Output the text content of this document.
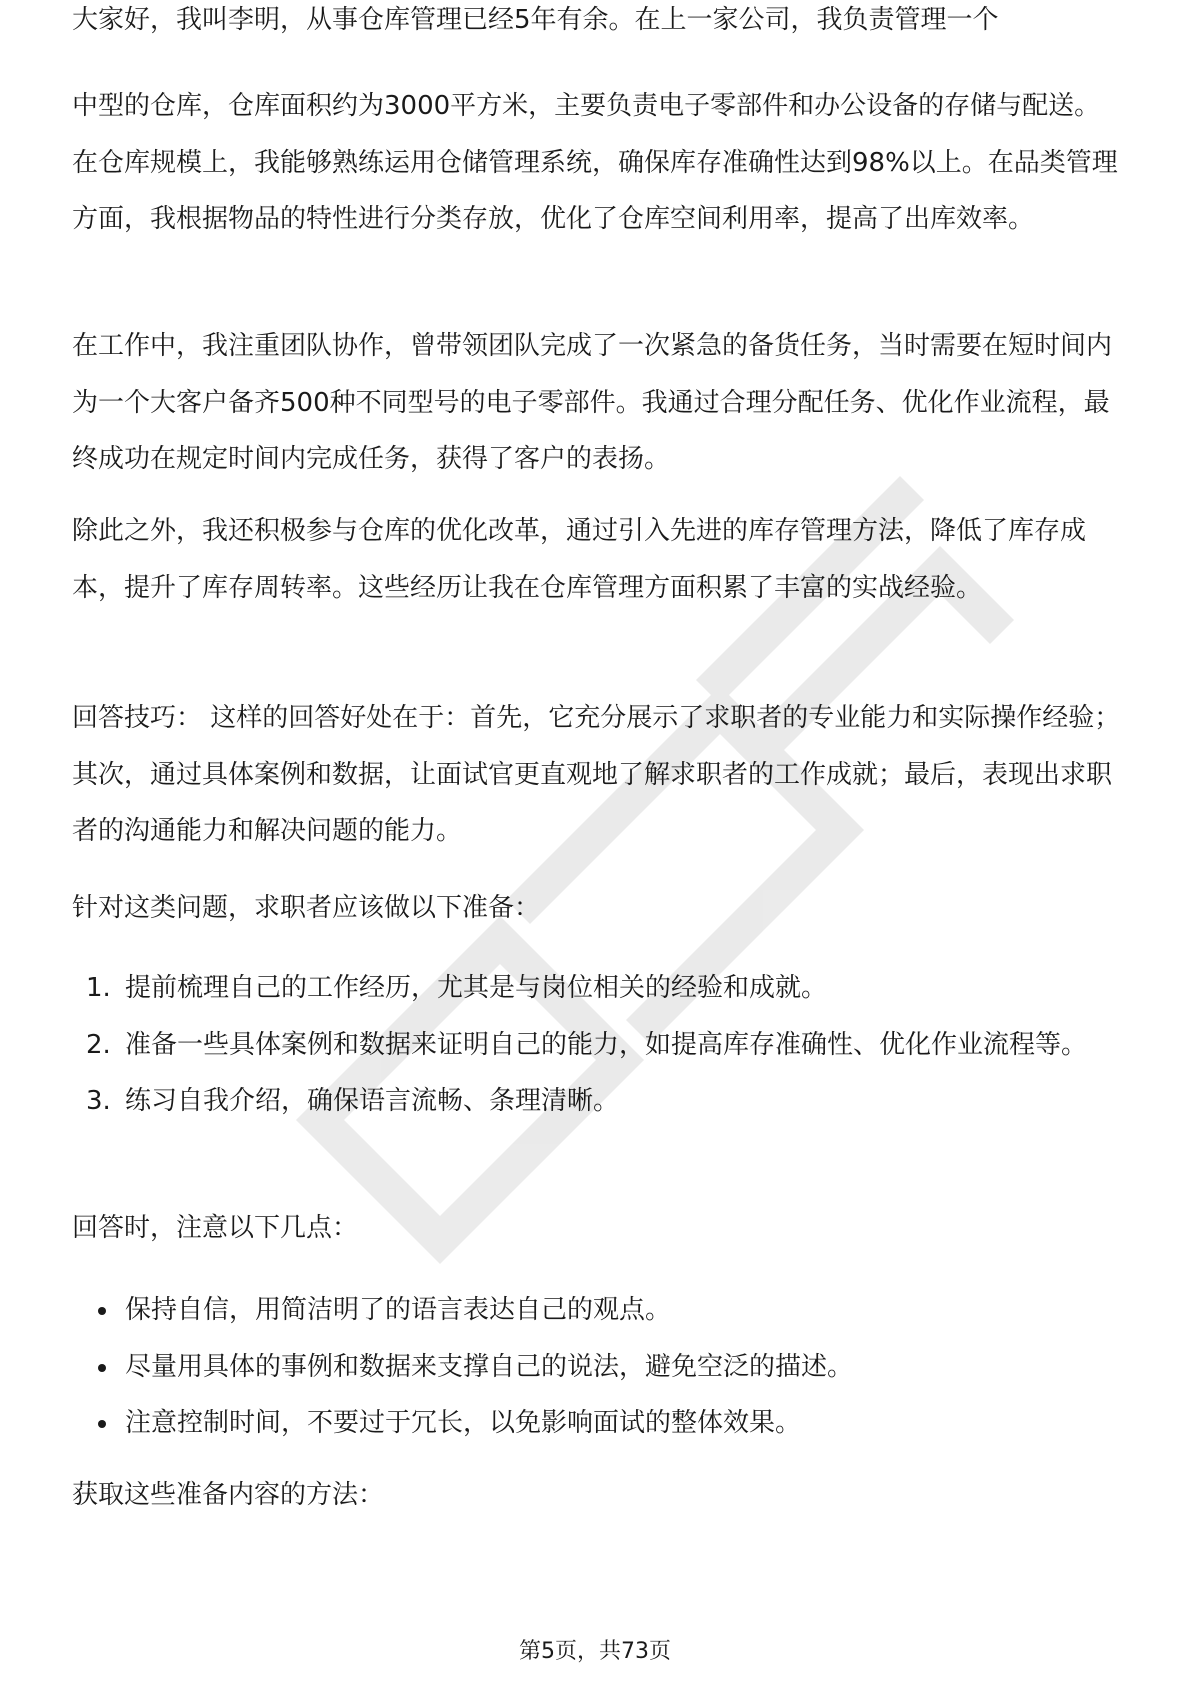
大家好，我叫李明，从事仓库管理已经5年有余。在上一家公司，我负责管理一个

中型的仓库，仓库面积约为3000平方米，主要负责电子零部件和办公设备的存储与配送。在仓库规模上，我能够熟练运用仓储管理系统，确保库存准确性达到98%以上。在品类管理方面，我根据物品的特性进行分类存放，优化了仓库空间利用率，提高了出库效率。

在工作中，我注重团队协作，曾带领团队完成了一次紧急的备货任务，当时需要在短时间内为一个大客户备齐500种不同型号的电子零部件。我通过合理分配任务、优化作业流程，最终成功在规定时间内完成任务，获得了客户的表扬。

除此之外，我还积极参与仓库的优化改革，通过引入先进的库存管理方法，降低了库存成本，提升了库存周转率。这些经历让我在仓库管理方面积累了丰富的实战经验。

回答技巧： 这样的回答好处在于：首先，它充分展示了求职者的专业能力和实际操作经验；其次，通过具体案例和数据，让面试官更直观地了解求职者的工作成就；最后，表现出求职者的沟通能力和解决问题的能力。

针对这类问题，求职者应该做以下准备：

1. 提前梳理自己的工作经历，尤其是与岗位相关的经验和成就。
2. 准备一些具体案例和数据来证明自己的能力，如提高库存准确性、优化作业流程等。
3. 练习自我介绍，确保语言流畅、条理清晰。

回答时，注意以下几点：

保持自信，用简洁明了的语言表达自己的观点。
尽量用具体的事例和数据来支撑自己的说法，避免空泛的描述。
注意控制时间，不要过于冗长，以免影响面试的整体效果。

获取这些准备内容的方法：

第5页，共73页
